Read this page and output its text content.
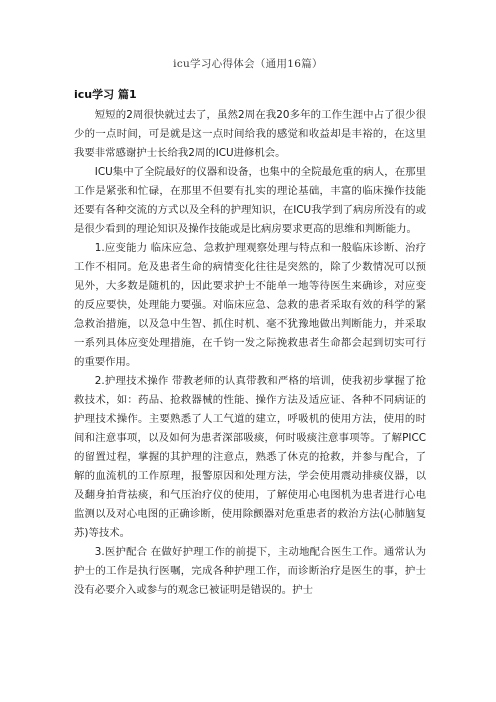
icu学习心得体会（通用16篇）
icu学习 篇1

短短的2周很快就过去了，虽然2周在我20多年的工作生涯中占了很少很少的一点时间，可是就是这一点时间给我的感觉和收益却是丰裕的，在这里我要非常感谢护士长给我2周的ICU进修机会。

ICU集中了全院最好的仪器和设备，也集中的全院最危重的病人，在那里工作是紧张和忙碌，在那里不但要有扎实的理论基础，丰富的临床操作技能还要有各种交流的方式以及全科的护理知识，在ICU我学到了病房所没有的或是很少看到的理论知识及操作技能或是比病房要求更高的思维和判断能力。

1.应变能力 临床应急、急救护理观察处理与特点和一般临床诊断、治疗工作不相同。危及患者生命的病情变化往往是突然的，除了少数情况可以预见外，大多数是随机的，因此要求护士不能单一地等待医生来确诊，对应变的反应要快，处理能力要强。对临床应急、急救的患者采取有效的科学的紧急救治措施，以及急中生智、抓住时机、毫不犹豫地做出判断能力，并采取一系列具体应变处理措施，在千钧一发之际挽救患者生命都会起到切实可行的重要作用。

2.护理技术操作 带教老师的认真带教和严格的培训，使我初步掌握了抢救技术，如：药品、抢救器械的性能、操作方法及适应证、各种不同病证的护理技术操作。主要熟悉了人工气道的建立，呼吸机的使用方法，使用的时间和注意事项，以及如何为患者深部吸痰，何时吸痰注意事项等。了解PICC的留置过程，掌握的其护理的注意点，熟悉了休克的抢救，并参与配合，了解的血流机的工作原理，报警原因和处理方法，学会使用震动排痰仪器，以及翻身拍背祛痰，和气压治疗仪的使用，了解使用心电图机为患者进行心电监测以及对心电图的正确诊断，使用除颤器对危重患者的救治方法(心肺脑复苏)等技术。

3.医护配合 在做好护理工作的前提下，主动地配合医生工作。通常认为护士的工作是执行医嘱，完成各种护理工作，而诊断治疗是医生的事，护士没有必要介入或参与的观念已被证明是错误的。护士
